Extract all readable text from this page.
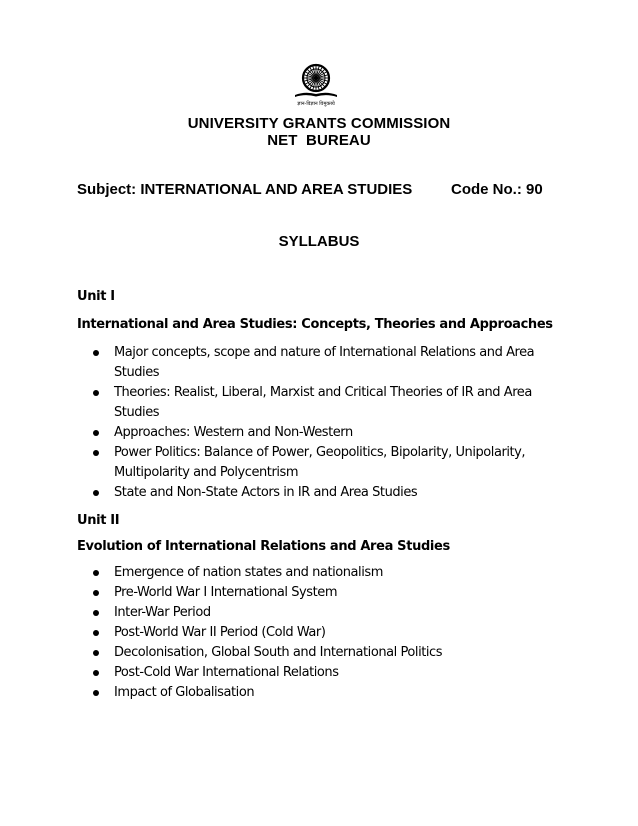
ज्ञान-विज्ञान विमुक्तये
UNIVERSITY GRANTS COMMISSION
NET  BUREAU
Subject: INTERNATIONAL AND AREA STUDIES	Code No.: 90
SYLLABUS
Unit I
International and Area Studies: Concepts, Theories and Approaches
Major concepts, scope and nature of International Relations and Area Studies
Theories: Realist, Liberal, Marxist and Critical Theories of IR and Area Studies
Approaches: Western and Non-Western
Power Politics: Balance of Power, Geopolitics, Bipolarity, Unipolarity, Multipolarity and Polycentrism
State and Non-State Actors in IR and Area Studies
Unit II
Evolution of International Relations and Area Studies
Emergence of nation states and nationalism
Pre-World War I International System
Inter-War Period
Post-World War II Period (Cold War)
Decolonisation, Global South and International Politics
Post-Cold War International Relations
Impact of Globalisation
